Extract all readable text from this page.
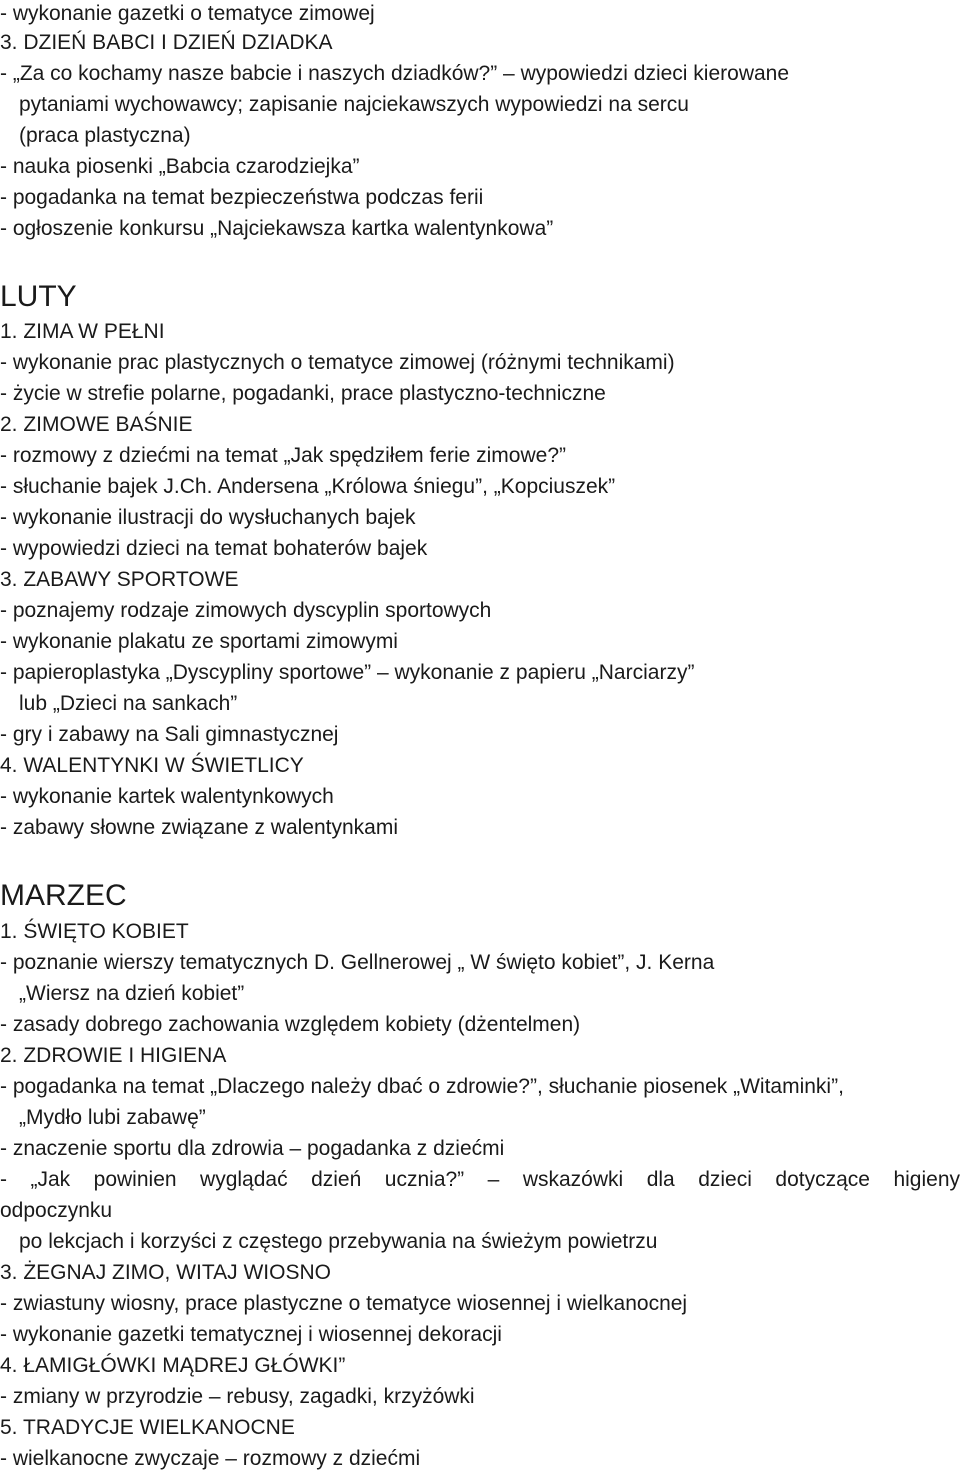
- wykonanie gazetki o tematyce zimowej
3. DZIEŃ BABCI I DZIEŃ DZIADKA
- „Za co kochamy nasze babcie i naszych dziadków?” – wypowiedzi dzieci kierowane
pytaniami wychowawcy; zapisanie najciekawszych wypowiedzi na sercu
(praca plastyczna)
- nauka piosenki „Babcia czarodziejka”
- pogadanka na temat bezpieczeństwa podczas ferii
- ogłoszenie konkursu „Najciekawsza kartka walentynkowa”
LUTY
1. ZIMA W PEŁNI
- wykonanie prac plastycznych o tematyce zimowej (różnymi technikami)
- życie w strefie polarne, pogadanki, prace plastyczno-techniczne
2. ZIMOWE BAŚNIE
- rozmowy z dziećmi na temat „Jak spędziłem ferie zimowe?”
- słuchanie bajek J.Ch. Andersena „Królowa śniegu”, „Kopciuszek”
- wykonanie ilustracji do wysłuchanych bajek
- wypowiedzi dzieci na temat bohaterów bajek
3. ZABAWY SPORTOWE
- poznajemy rodzaje zimowych dyscyplin sportowych
- wykonanie plakatu ze sportami zimowymi
- papieroplastyka „Dyscypliny sportowe” – wykonanie z papieru „Narciarzy”
lub „Dzieci na sankach”
- gry i zabawy na Sali gimnastycznej
4. WALENTYNKI W ŚWIETLICY
- wykonanie kartek walentynkowych
- zabawy słowne związane z walentynkami
MARZEC
1. ŚWIĘTO KOBIET
- poznanie wierszy tematycznych D. Gellnerowej „ W święto kobiet”, J. Kerna
„Wiersz na dzień kobiet”
- zasady dobrego zachowania względem kobiety (dżentelmen)
2. ZDROWIE I HIGIENA
- pogadanka na temat „Dlaczego należy dbać o zdrowie?”, słuchanie piosenek „Witaminki”,
„Mydło lubi zabawę”
- znaczenie sportu dla zdrowia – pogadanka z dziećmi
- „Jak powinien wyglądać dzień ucznia?” – wskazówki dla dzieci dotyczące higieny
odpoczynku
po lekcjach i korzyści z częstego przebywania na świeżym powietrzu
3. ŻEGNAJ ZIMO, WITAJ WIOSNO
- zwiastuny wiosny, prace plastyczne o tematyce wiosennej i wielkanocnej
- wykonanie gazetki tematycznej i wiosennej dekoracji
4. ŁAMIGŁÓWKI MĄDREJ GŁÓWKI”
- zmiany w przyrodzie – rebusy, zagadki, krzyżówki
5. TRADYCJE WIELKANOCNE
- wielkanocne zwyczaje – rozmowy z dziećmi
